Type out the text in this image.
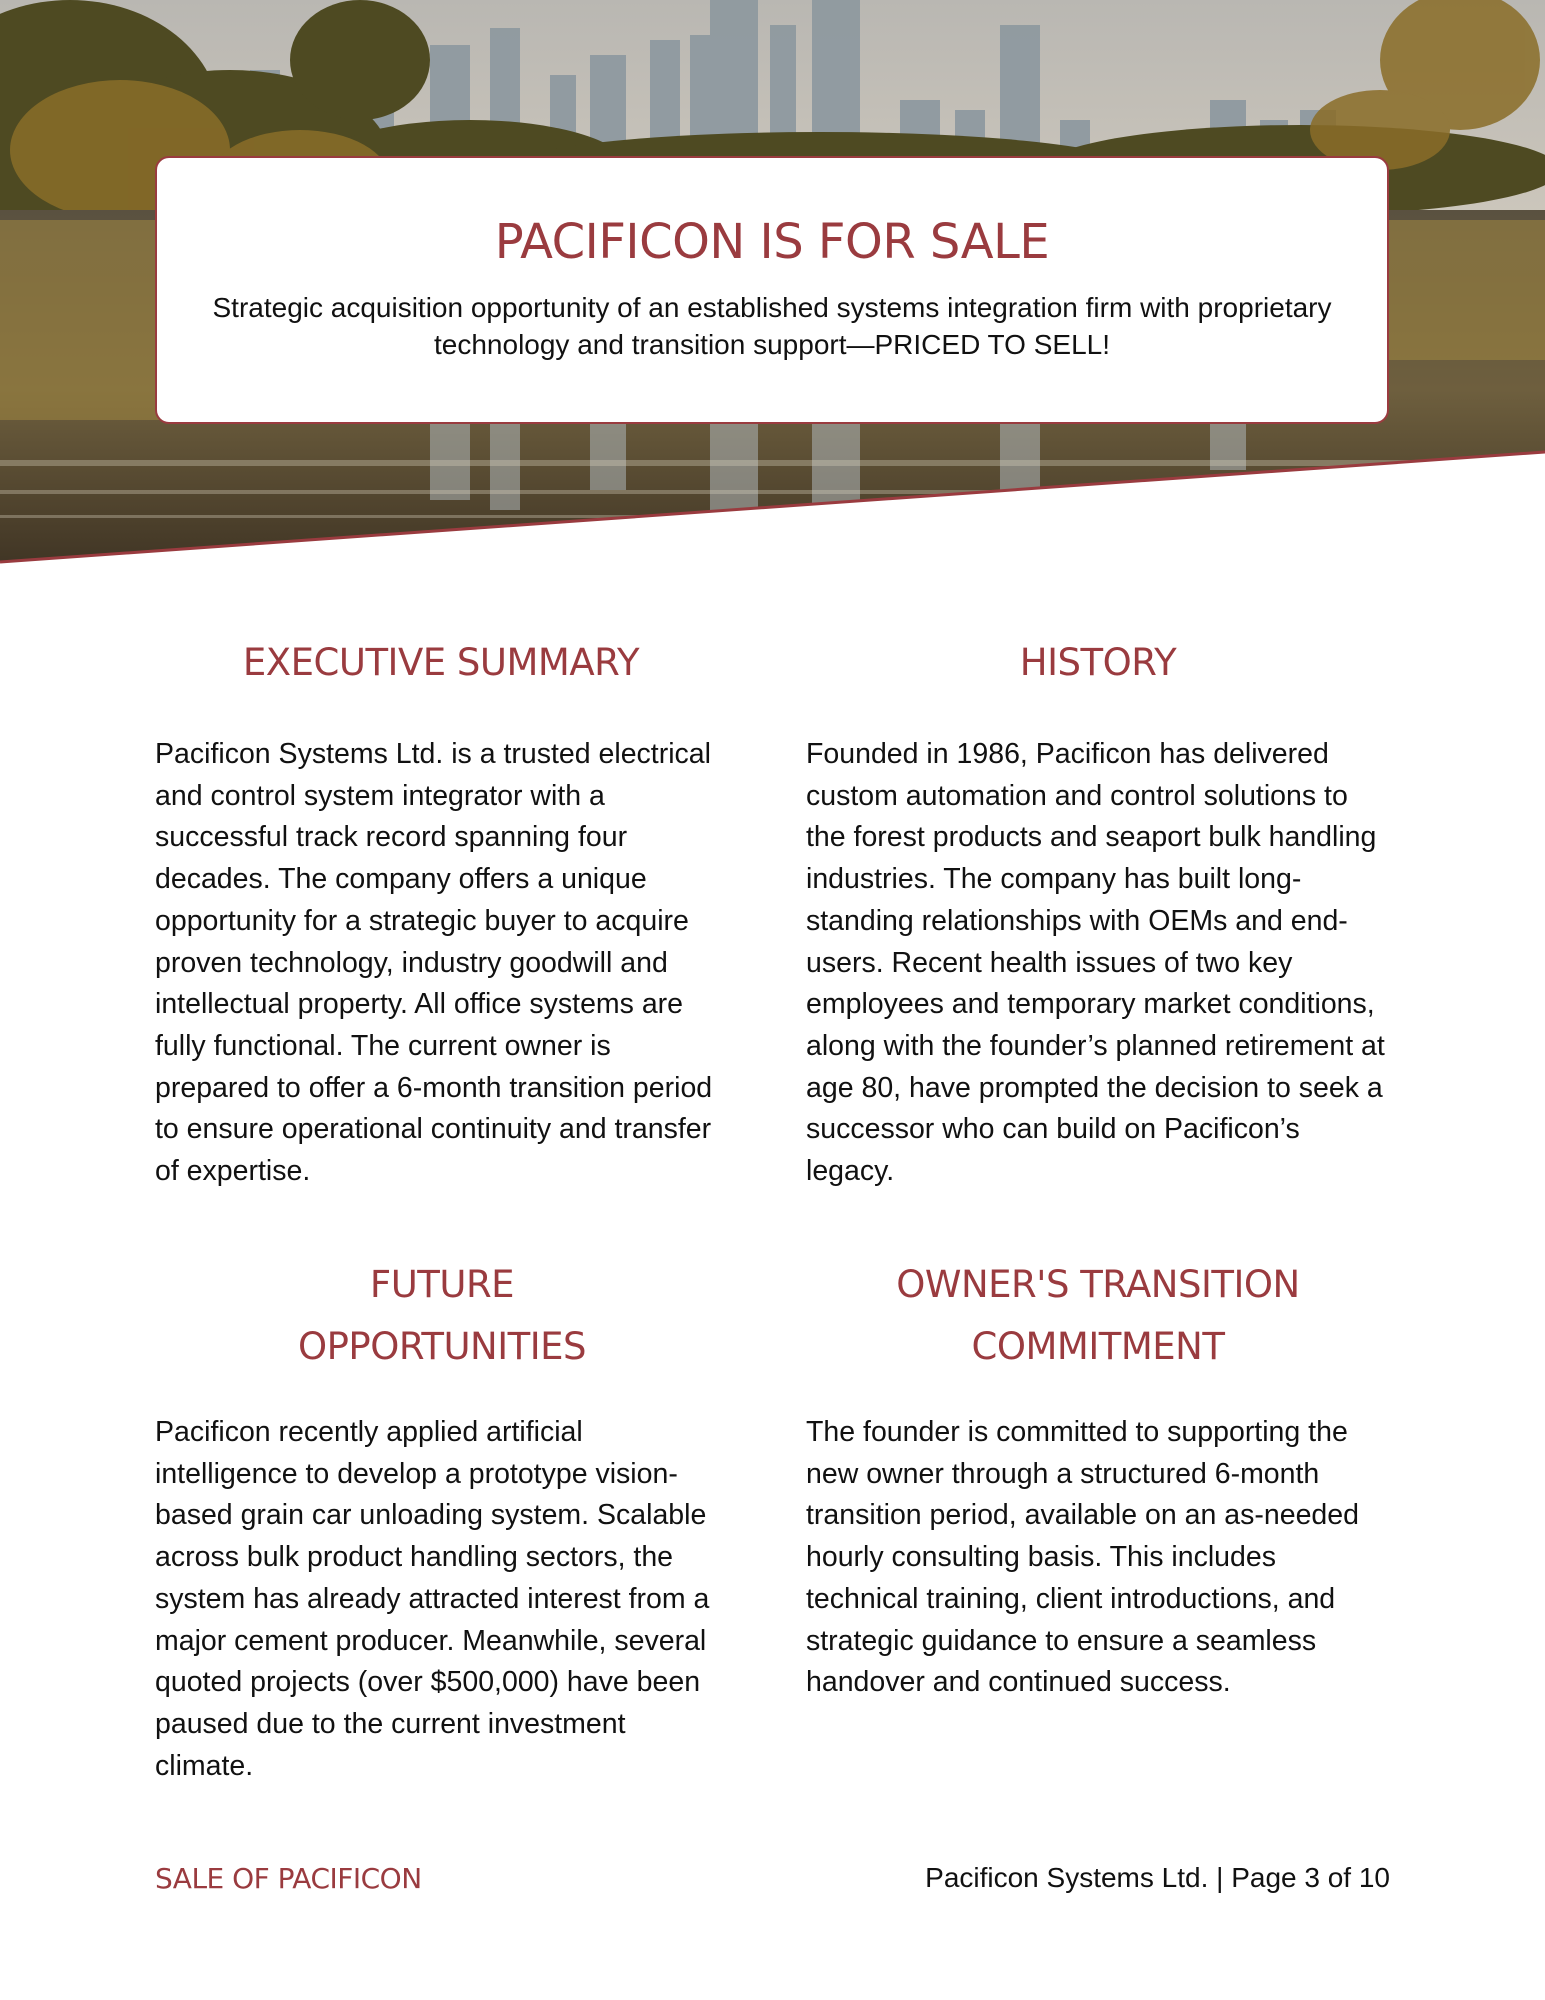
PACIFICON IS FOR SALE

Strategic acquisition opportunity of an established systems integration firm with proprietary technology and transition support—PRICED TO SELL!

EXECUTIVE SUMMARY

Pacificon Systems Ltd. is a trusted electrical and control system integrator with a successful track record spanning four decades. The company offers a unique opportunity for a strategic buyer to acquire proven technology, industry goodwill and intellectual property. All office systems are fully functional. The current owner is prepared to offer a 6-month transition period to ensure operational continuity and transfer of expertise.

HISTORY

Founded in 1986, Pacificon has delivered custom automation and control solutions to the forest products and seaport bulk handling industries. The company has built long-standing relationships with OEMs and end-users. Recent health issues of two key employees and temporary market conditions, along with the founder’s planned retirement at age 80, have prompted the decision to seek a successor who can build on Pacificon’s legacy.

FUTURE OPPORTUNITIES

Pacificon recently applied artificial intelligence to develop a prototype vision-based grain car unloading system. Scalable across bulk product handling sectors, the system has already attracted interest from a major cement producer. Meanwhile, several quoted projects (over $500,000) have been paused due to the current investment climate.

OWNER'S TRANSITION COMMITMENT

The founder is committed to supporting the new owner through a structured 6-month transition period, available on an as-needed hourly consulting basis. This includes technical training, client introductions, and strategic guidance to ensure a seamless handover and continued success.

SALE OF PACIFICON	Pacificon Systems Ltd. | Page 3 of 10
